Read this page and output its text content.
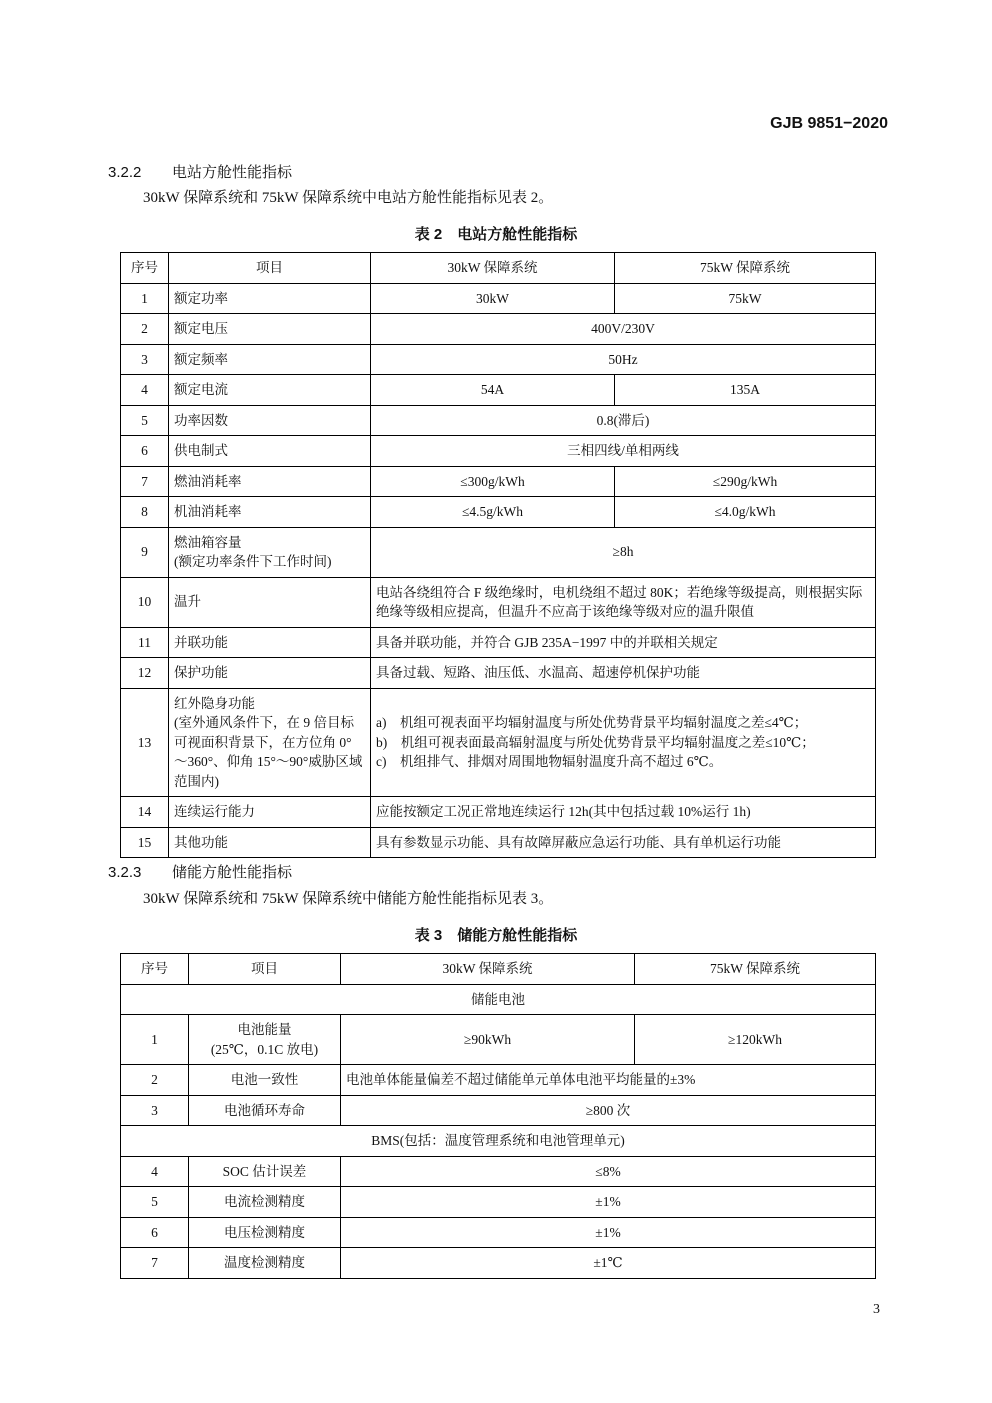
GJB 9851−2020
3.2.2 电站方舱性能指标
30kW 保障系统和 75kW 保障系统中电站方舱性能指标见表 2。
表 2　电站方舱性能指标
序号	项目	30kW 保障系统	75kW 保障系统
1	额定功率	30kW	75kW
2	额定电压	400V/230V	
3	额定频率	50Hz	
4	额定电流	54A	135A
5	功率因数	0.8(滞后)	
6	供电制式	三相四线/单相两线	
7	燃油消耗率	≤300g/kWh	≤290g/kWh
8	机油消耗率	≤4.5g/kWh	≤4.0g/kWh
9	燃油箱容量
(额定功率条件下工作时间)	≥8h	
10	温升	电站各绕组符合 F 级绝缘时，电机绕组不超过 80K；若绝缘等级提高，则根据实际绝缘等级相应提高，但温升不应高于该绝缘等级对应的温升限值	
11	并联功能	具备并联功能，并符合 GJB 235A−1997 中的并联相关规定	
12	保护功能	具备过载、短路、油压低、水温高、超速停机保护功能	
13	红外隐身功能
(室外通风条件下，在 9 倍目标可视面积背景下，在方位角 0°～360°、仰角 15°～90°威胁区域范围内)	a)　机组可视表面平均辐射温度与所处优势背景平均辐射温度之差≤4℃；
b)　机组可视表面最高辐射温度与所处优势背景平均辐射温度之差≤10℃；
c)　机组排气、排烟对周围地物辐射温度升高不超过 6℃。	
14	连续运行能力	应能按额定工况正常地连续运行 12h(其中包括过载 10%运行 1h)	
15	其他功能	具有参数显示功能、具有故障屏蔽应急运行功能、具有单机运行功能	
3.2.3 储能方舱性能指标
30kW 保障系统和 75kW 保障系统中储能方舱性能指标见表 3。
表 3　储能方舱性能指标
序号	项目	30kW 保障系统	75kW 保障系统
储能电池			
1	电池能量
(25℃，0.1C 放电)	≥90kWh	≥120kWh
2	电池一致性	电池单体能量偏差不超过储能单元单体电池平均能量的±3%	
3	电池循环寿命	≥800 次	
BMS(包括：温度管理系统和电池管理单元)			
4	SOC 估计误差	≤8%	
5	电流检测精度	±1%	
6	电压检测精度	±1%	
7	温度检测精度	±1℃	
3
